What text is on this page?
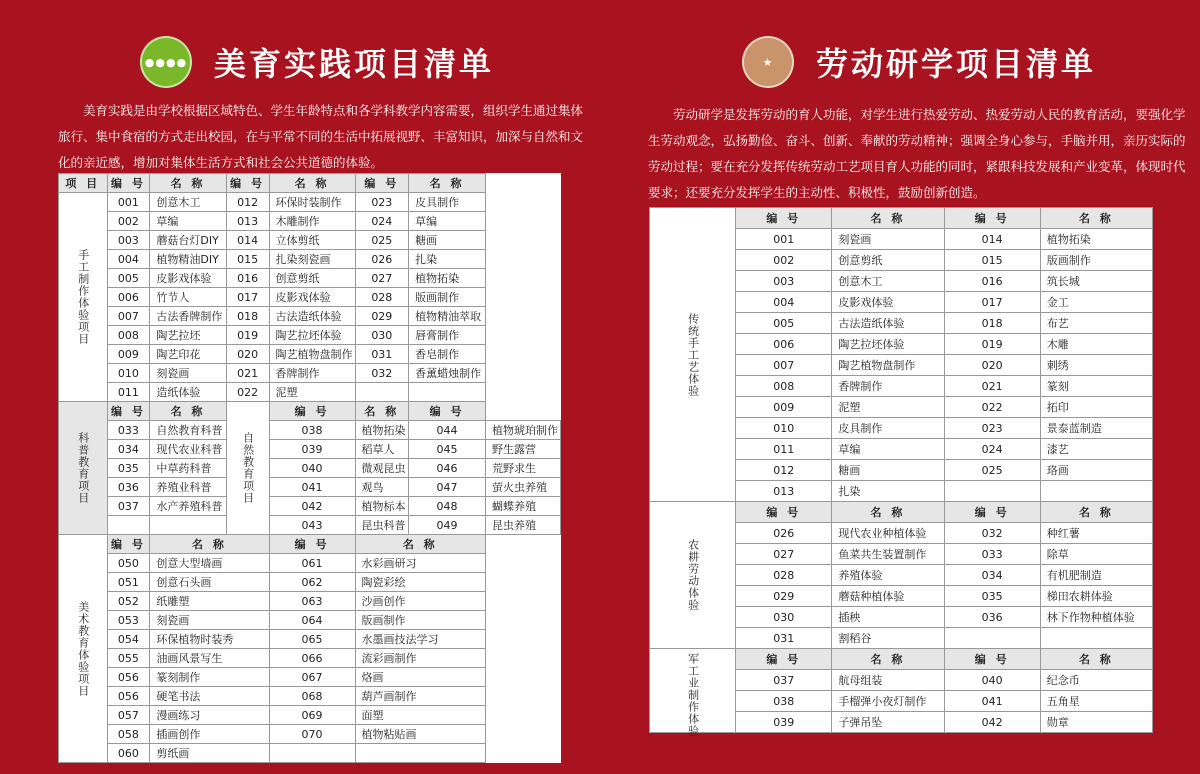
●●●● 美育实践项目清单

美育实践是由学校根据区域特色、学生年龄特点和各学科教学内容需要，组织学生通过集体旅行、集中食宿的方式走出校园，在与平常不同的生活中拓展视野、丰富知识，加深与自然和文化的亲近感，增加对集体生活方式和社会公共道德的体验。

项 目	编 号	名 称	编 号	名 称	编 号	名 称	
手工制作体验项目	001	创意木工	012	环保时装制作	023	皮具制作	
	002	草编	013	木雕制作	024	草编	
	003	蘑菇台灯DIY	014	立体剪纸	025	糖画	
	004	植物精油DIY	015	扎染刻瓷画	026	扎染	
	005	皮影戏体验	016	创意剪纸	027	植物拓染	
	006	竹节人	017	皮影戏体验	028	版画制作	
	007	古法香牌制作	018	古法造纸体验	029	植物精油萃取	
	008	陶艺拉坯	019	陶艺拉坯体验	030	唇膏制作	
	009	陶艺印花	020	陶艺植物盘制作	031	香皂制作	
	010	刻瓷画	021	香牌制作	032	香薰蜡烛制作	
	011	造纸体验	022	泥塑			
科普教育项目	编 号	名 称	自然教育项目	编 号	名 称	编 号	
	033	自然教育科普		038	植物拓染	044	植物琥珀制作
	034	现代农业科普		039	稻草人	045	野生露营
	035	中草药科普		040	微观昆虫	046	荒野求生
	036	养殖业科普		041	观鸟	047	萤火虫养殖
	037	水产养殖科普		042	植物标本	048	蝴蝶养殖
				043	昆虫科普	049	昆虫养殖
美术教育体验项目	编 号	名 称		编 号	名 称		
	050	创意大型墙画		061	水彩画研习		
	051	创意石头画		062	陶瓷彩绘		
	052	纸雕塑		063	沙画创作		
	053	刻瓷画		064	版画制作		
	054	环保植物时装秀		065	水墨画技法学习		
	055	油画风景写生		066	流彩画制作		
	056	篆刻制作		067	烙画		
	056	硬笔书法		068	葫芦画制作		
	057	漫画练习		069	面塑		
	058	插画创作		070	植物粘贴画		
	060	剪纸画					
★ 劳动研学项目清单

劳动研学是发挥劳动的育人功能，对学生进行热爱劳动、热爱劳动人民的教育活动，要强化学生劳动观念，弘扬勤俭、奋斗、创新、奉献的劳动精神；强调全身心参与，手脑并用，亲历实际的劳动过程；要在充分发挥传统劳动工艺项目育人功能的同时，紧跟科技发展和产业变革，体现时代要求；还要充分发挥学生的主动性、积极性，鼓励创新创造。

传统手工艺体验	编 号	名 称	编 号	名 称
	001	刻瓷画	014	植物拓染
	002	创意剪纸	015	版画制作
	003	创意木工	016	筑长城
	004	皮影戏体验	017	金工
	005	古法造纸体验	018	布艺
	006	陶艺拉坯体验	019	木雕
	007	陶艺植物盘制作	020	刺绣
	008	香牌制作	021	篆刻
	009	泥塑	022	拓印
	010	皮具制作	023	景泰蓝制造
	011	草编	024	漆艺
	012	糖画	025	珞画
	013	扎染		
农耕劳动体验	编 号	名 称	编 号	名 称
	026	现代农业种植体验	032	种红薯
	027	鱼菜共生装置制作	033	除草
	028	养殖体验	034	有机肥制造
	029	蘑菇种植体验	035	梯田农耕体验
	030	插秧	036	林下作物种植体验
	031	割稻谷		
军工业制作体验	编 号	名 称	编 号	名 称
	037	航母组装	040	纪念币
	038	手榴弹小夜灯制作	041	五角星
	039	子弹吊坠	042	勋章
